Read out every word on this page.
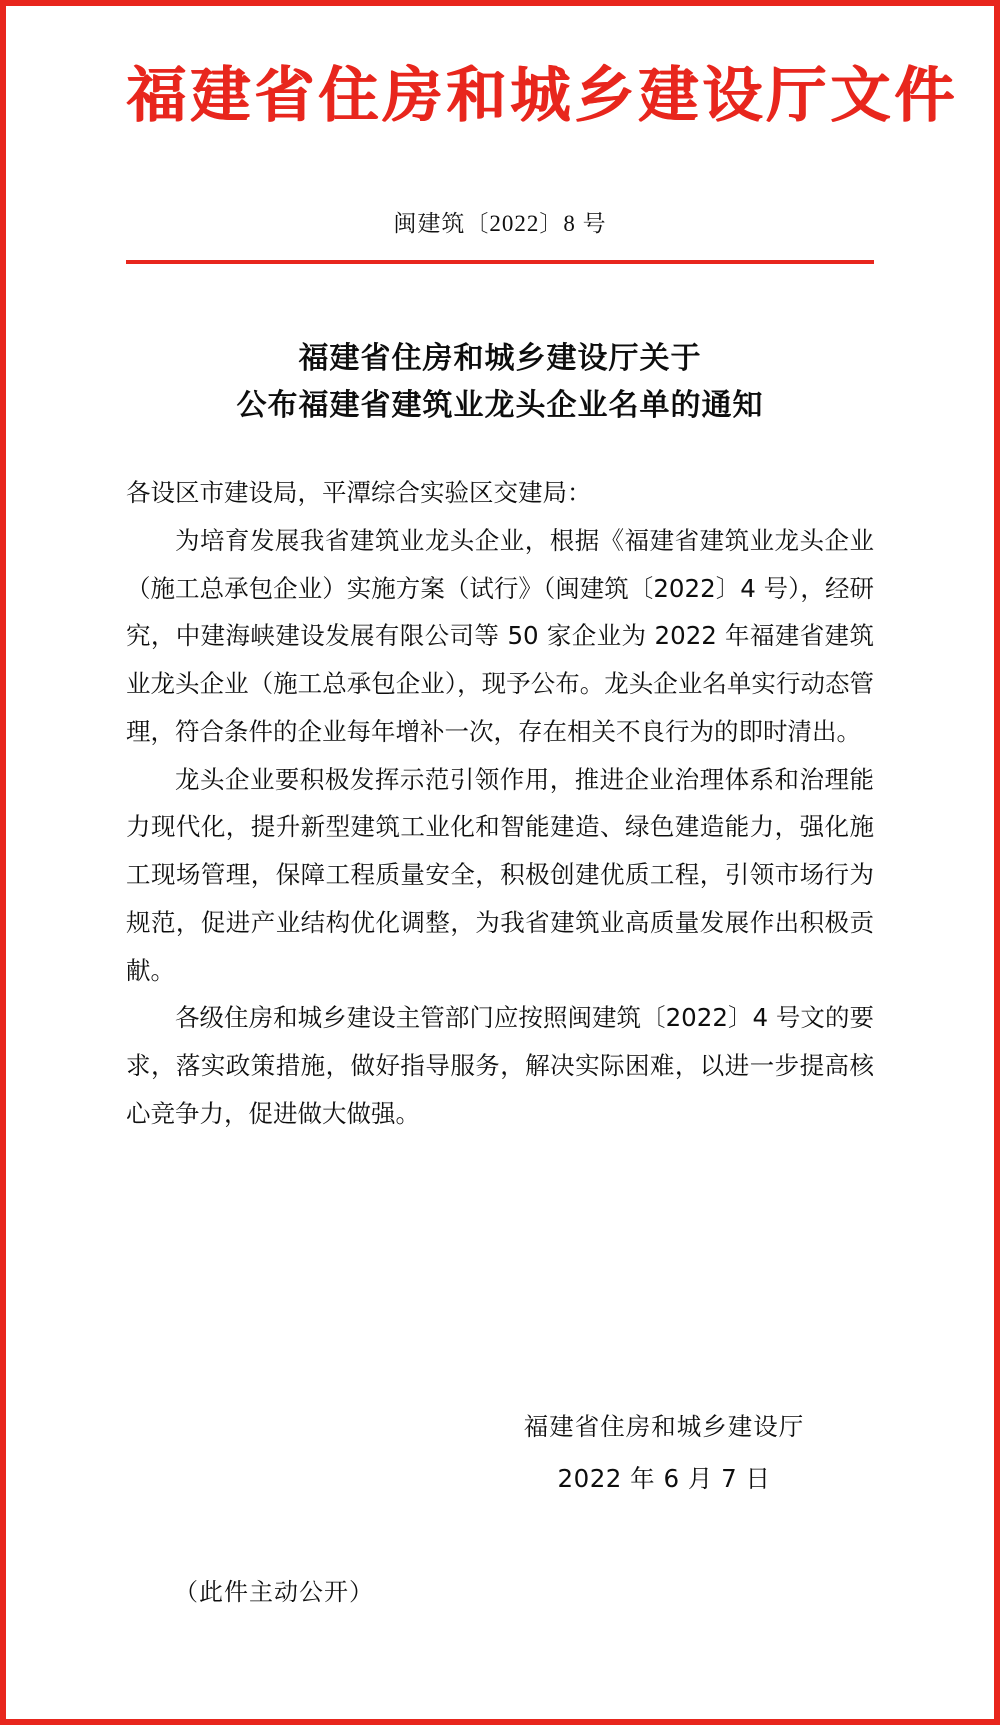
福建省住房和城乡建设厅文件
闽建筑〔2022〕8 号
福建省住房和城乡建设厅关于
公布福建省建筑业龙头企业名单的通知

各设区市建设局，平潭综合实验区交建局：

为培育发展我省建筑业龙头企业，根据《福建省建筑业龙头企业（施工总承包企业）实施方案（试行》（闽建筑〔2022〕4 号），经研究，中建海峡建设发展有限公司等 50 家企业为 2022 年福建省建筑业龙头企业（施工总承包企业），现予公布。龙头企业名单实行动态管理，符合条件的企业每年增补一次，存在相关不良行为的即时清出。

龙头企业要积极发挥示范引领作用，推进企业治理体系和治理能力现代化，提升新型建筑工业化和智能建造、绿色建造能力，强化施工现场管理，保障工程质量安全，积极创建优质工程，引领市场行为规范，促进产业结构优化调整，为我省建筑业高质量发展作出积极贡献。

各级住房和城乡建设主管部门应按照闽建筑〔2022〕4 号文的要求，落实政策措施，做好指导服务，解决实际困难，以进一步提高核心竞争力，促进做大做强。

福建省住房和城乡建设厅
2022 年 6 月 7 日
（此件主动公开）
